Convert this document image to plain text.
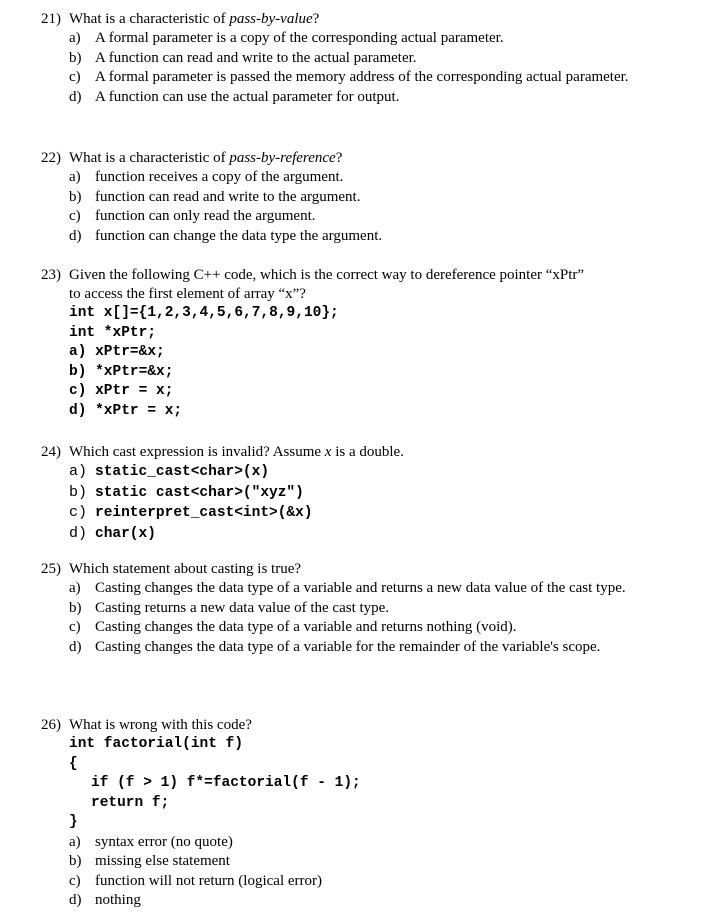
21) What is a characteristic of pass-by-value?
a) A formal parameter is a copy of the corresponding actual parameter.
b) A function can read and write to the actual parameter.
c) A formal parameter is passed the memory address of the corresponding actual parameter.
d) A function can use the actual parameter for output.
22) What is a characteristic of pass-by-reference?
a) function receives a copy of the argument.
b) function can read and write to the argument.
c) function can only read the argument.
d) function can change the data type the argument.
23) Given the following C++ code, which is the correct way to dereference pointer “xPtr”
to access the first element of array “x”?
int x[]={1,2,3,4,5,6,7,8,9,10};
int *xPtr;
a) xPtr=&x;
b) *xPtr=&x;
c) xPtr = x;
d) *xPtr = x;
24) Which cast expression is invalid? Assume x is a double.
a) static_cast<char>(x)
b) static cast<char>("xyz")
c) reinterpret_cast<int>(&x)
d) char(x)
25) Which statement about casting is true?
a) Casting changes the data type of a variable and returns a new data value of the cast type.
b) Casting returns a new data value of the cast type.
c) Casting changes the data type of a variable and returns nothing (void).
d) Casting changes the data type of a variable for the remainder of the variable's scope.
26) What is wrong with this code?
int factorial(int f)
{
if (f > 1) f*=factorial(f - 1);
return f;
}
a) syntax error (no quote)
b) missing else statement
c) function will not return (logical error)
d) nothing
